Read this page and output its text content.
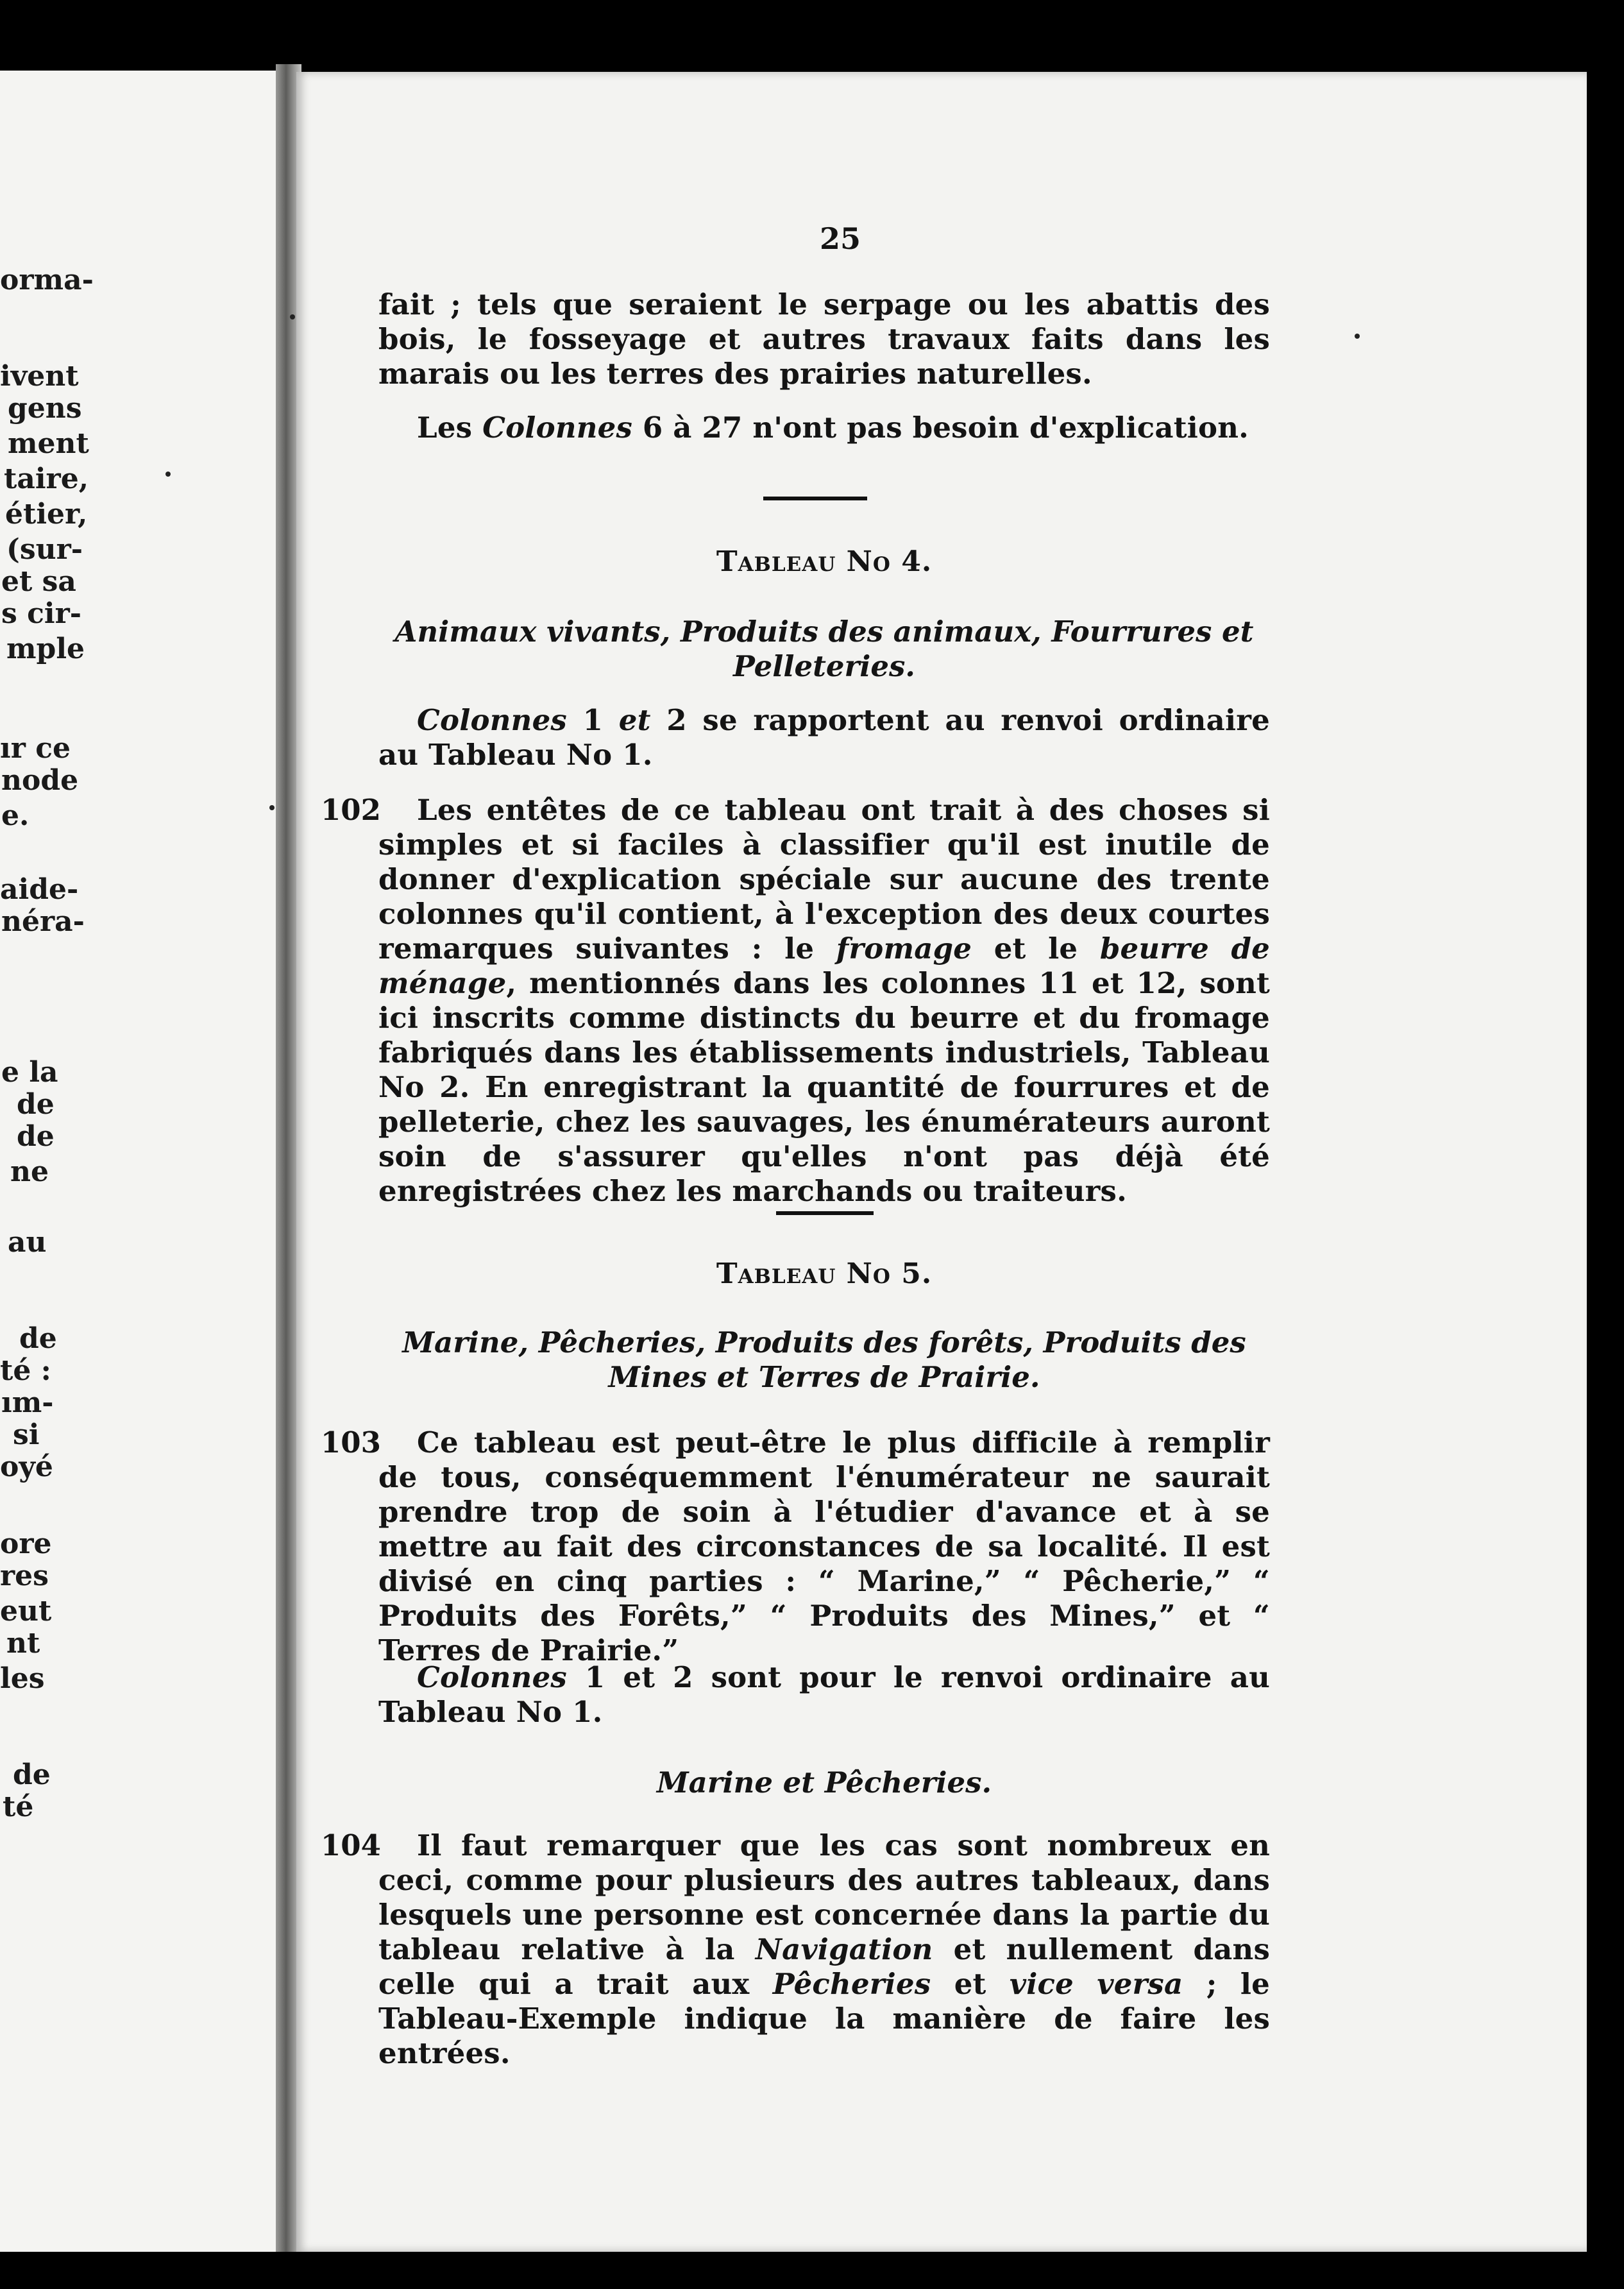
orma-
ivent
gens
ment
taire,
étier,
(sur-
et sa
s cir-
mple
ır ce
node
e.
aide-
néra-
e la
de
de
ne
au
de
té :
ım-
si
oyé
ore
res
eut
nt
les
de
té
25
fait ; tels que seraient le serpage ou les abattis des bois, le fosseyage et autres travaux faits dans les marais ou les terres des prairies naturelles.
Les Colonnes 6 à 27 n'ont pas besoin d'explication.
Tableau No 4.
Animaux vivants, Produits des animaux, Fourrures et Pelleteries.
Colonnes 1 et 2 se rapportent au renvoi ordinaire au Tableau No 1.
102	Les entêtes de ce tableau ont trait à des choses si simples et si faciles à classifier qu'il est inutile de donner d'explication spéciale sur aucune des trente colonnes qu'il contient, à l'exception des deux courtes remarques suivantes : le fromage et le beurre de ménage, mentionnés dans les colonnes 11 et 12, sont ici inscrits comme distincts du beurre et du fromage fabriqués dans les établissements industriels, Tableau No 2. En enregistrant la quantité de fourrures et de pelleterie, chez les sauvages, les énumérateurs auront soin de s'assurer qu'elles n'ont pas déjà été enregistrées chez les marchands ou traiteurs.
Tableau No 5.
Marine, Pêcheries, Produits des forêts, Produits des Mines et Terres de Prairie.
103	Ce tableau est peut-être le plus difficile à remplir de tous, conséquemment l'énumérateur ne saurait prendre trop de soin à l'étudier d'avance et à se mettre au fait des circonstances de sa localité. Il est divisé en cinq parties : “ Marine,” “ Pêcherie,” “ Produits des Forêts,” “ Produits des Mines,” et “ Terres de Prairie.”
Colonnes 1 et 2 sont pour le renvoi ordinaire au Tableau No 1.
Marine et Pêcheries.
104	Il faut remarquer que les cas sont nombreux en ceci, comme pour plusieurs des autres tableaux, dans lesquels une personne est concernée dans la partie du tableau relative à la Navigation et nullement dans celle qui a trait aux Pêcheries et vice versa ; le Tableau-Exemple indique la manière de faire les entrées.
